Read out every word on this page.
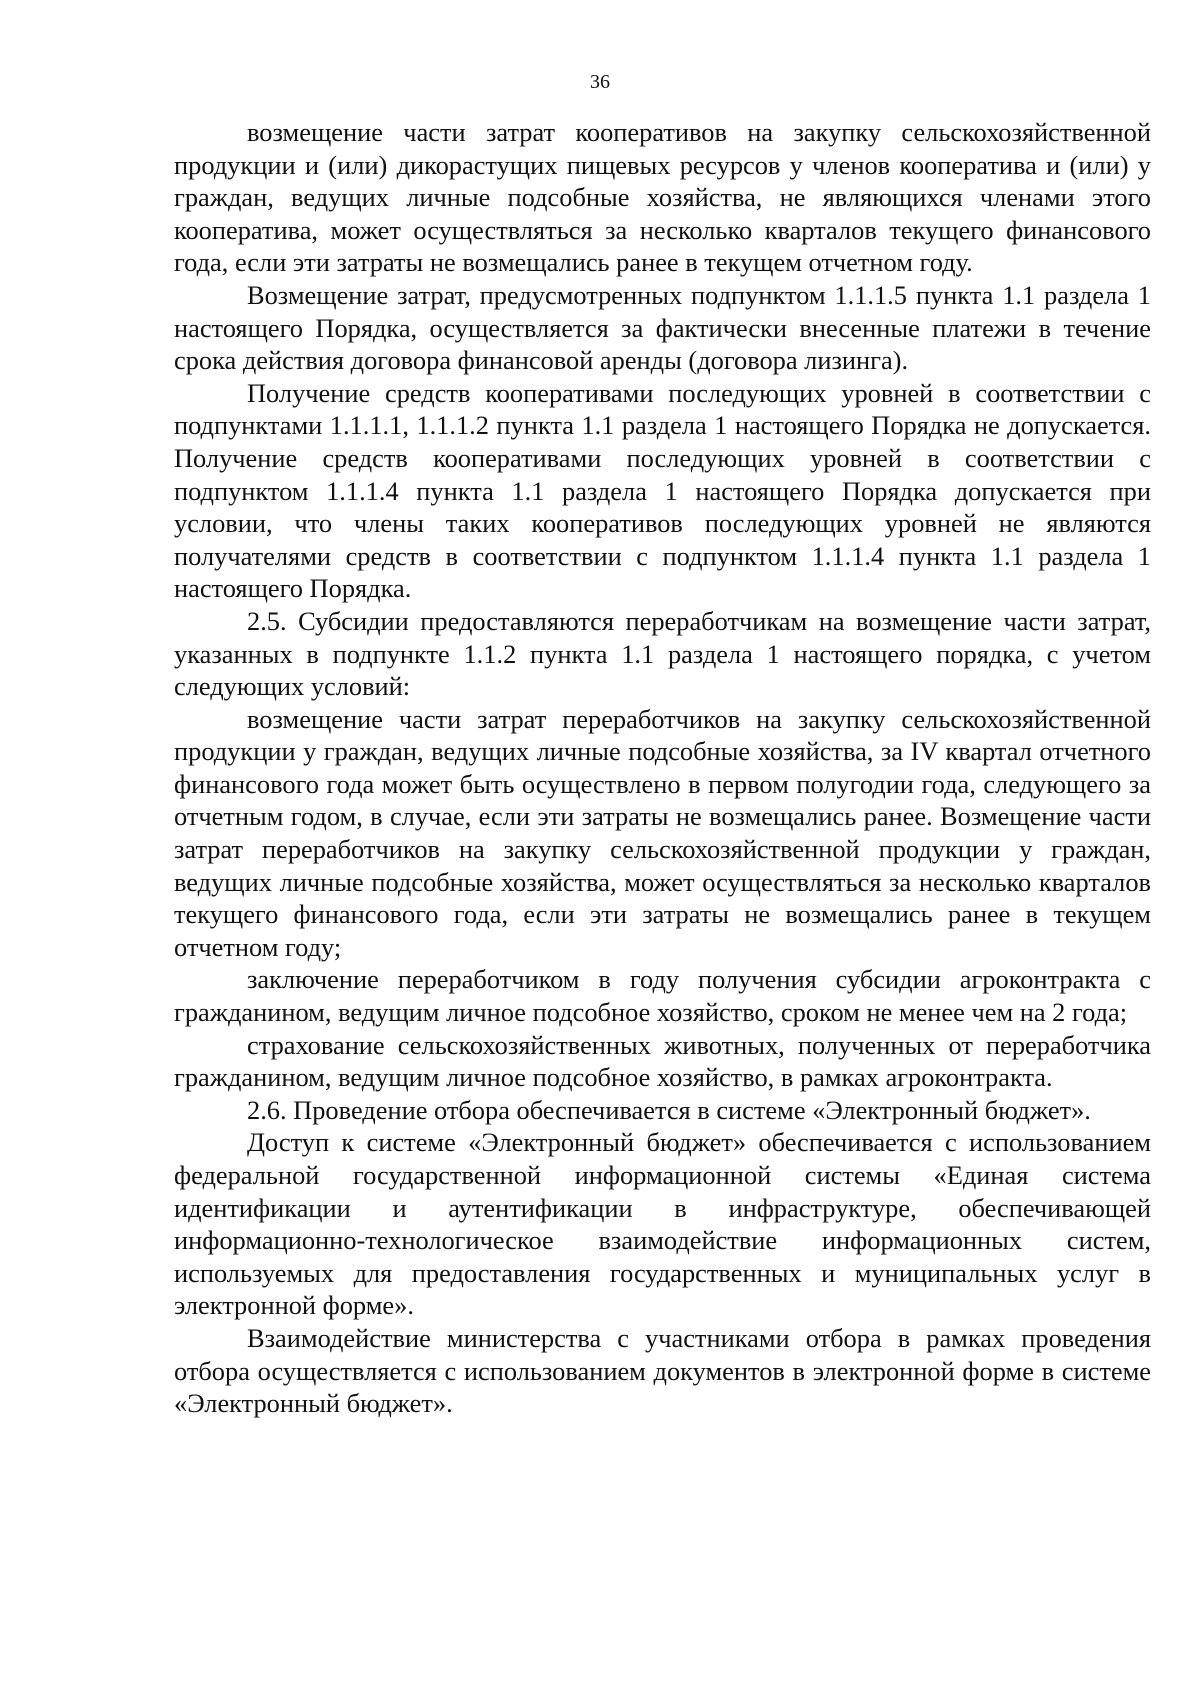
36

возмещение части затрат кооперативов на закупку сельскохозяйственной продукции и (или) дикорастущих пищевых ресурсов у членов кооператива и (или) у граждан, ведущих личные подсобные хозяйства, не являющихся членами этого кооператива, может осуществляться за несколько кварталов текущего финансового года, если эти затраты не возмещались ранее в текущем отчетном году.

Возмещение затрат, предусмотренных подпунктом 1.1.1.5 пункта 1.1 раздела 1 настоящего Порядка, осуществляется за фактически внесенные платежи в течение срока действия договора финансовой аренды (договора лизинга).

Получение средств кооперативами последующих уровней в соответствии с подпунктами 1.1.1.1, 1.1.1.2 пункта 1.1 раздела 1 настоящего Порядка не допускается. Получение средств кооперативами последующих уровней в соответствии с подпунктом 1.1.1.4 пункта 1.1 раздела 1 настоящего Порядка допускается при условии, что члены таких кооперативов последующих уровней не являются получателями средств в соответствии с подпунктом 1.1.1.4 пункта 1.1 раздела 1 настоящего Порядка.

2.5. Субсидии предоставляются переработчикам на возмещение части затрат, указанных в подпункте 1.1.2 пункта 1.1 раздела 1 настоящего порядка, с учетом следующих условий:

возмещение части затрат переработчиков на закупку сельскохозяйственной продукции у граждан, ведущих личные подсобные хозяйства, за IV квартал отчетного финансового года может быть осуществлено в первом полугодии года, следующего за отчетным годом, в случае, если эти затраты не возмещались ранее. Возмещение части затрат переработчиков на закупку сельскохозяйственной продукции у граждан, ведущих личные подсобные хозяйства, может осуществляться за несколько кварталов текущего финансового года, если эти затраты не возмещались ранее в текущем отчетном году;

заключение переработчиком в году получения субсидии агроконтракта с гражданином, ведущим личное подсобное хозяйство, сроком не менее чем на 2 года;

страхование сельскохозяйственных животных, полученных от переработчика гражданином, ведущим личное подсобное хозяйство, в рамках агроконтракта.

2.6. Проведение отбора обеспечивается в системе «Электронный бюджет».

Доступ к системе «Электронный бюджет» обеспечивается с использованием федеральной государственной информационной системы «Единая система идентификации и аутентификации в инфраструктуре, обеспечивающей информационно-технологическое взаимодействие информационных систем, используемых для предоставления государственных и муниципальных услуг в электронной форме».

Взаимодействие министерства с участниками отбора в рамках проведения отбора осуществляется с использованием документов в электронной форме в системе «Электронный бюджет».
